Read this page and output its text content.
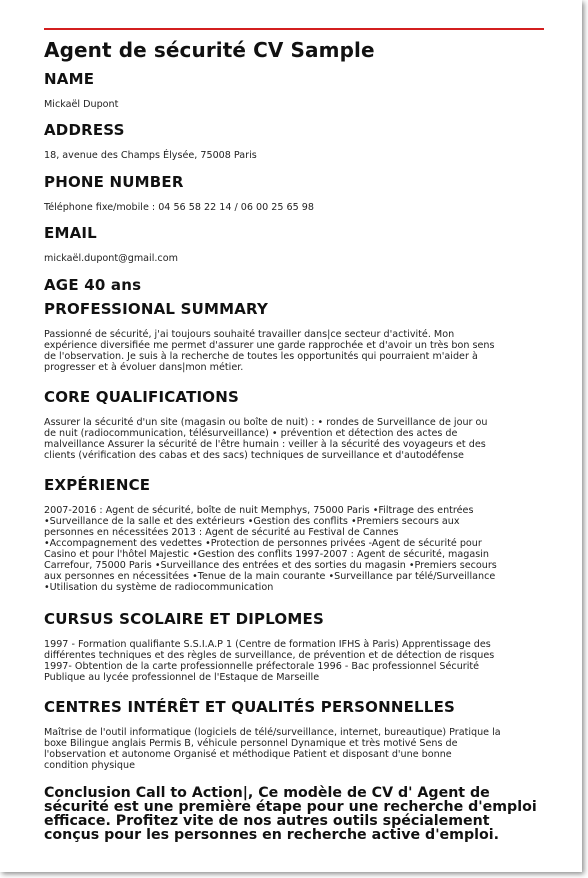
Agent de sécurité CV Sample
NAME

Mickaël Dupont

ADDRESS

18, avenue des Champs Élysée, 75008 Paris

PHONE NUMBER

Téléphone fixe/mobile : 04 56 58 22 14 / 06 00 25 65 98

EMAIL

mickaël.dupont@gmail.com

AGE 40 ans
PROFESSIONAL SUMMARY
Passionné de sécurité, j'ai toujours souhaité travailler dans|ce secteur d'activité. Mon
expérience diversifiée me permet d'assurer une garde rapprochée et d'avoir un très bon sens
de l'observation. Je suis à la recherche de toutes les opportunités qui pourraient m'aider à
progresser et à évoluer dans|mon métier.
CORE QUALIFICATIONS
Assurer la sécurité d'un site (magasin ou boîte de nuit) : • rondes de Surveillance de jour ou
de nuit (radiocommunication, télésurveillance) • prévention et détection des actes de
malveillance Assurer la sécurité de l'être humain : veiller à la sécurité des voyageurs et des
clients (vérification des cabas et des sacs) techniques de surveillance et d'autodéfense
EXPÉRIENCE
2007-2016 : Agent de sécurité, boîte de nuit Memphys, 75000 Paris •Filtrage des entrées
•Surveillance de la salle et des extérieurs •Gestion des conflits •Premiers secours aux
personnes en nécessitées 2013 : Agent de sécurité au Festival de Cannes
•Accompagnement des vedettes •Protection de personnes privées -Agent de sécurité pour
Casino et pour l'hôtel Majestic •Gestion des conflits 1997-2007 : Agent de sécurité, magasin
Carrefour, 75000 Paris •Surveillance des entrées et des sorties du magasin •Premiers secours
aux personnes en nécessitées •Tenue de la main courante •Surveillance par télé/Surveillance
•Utilisation du système de radiocommunication
CURSUS SCOLAIRE ET DIPLOMES
1997 - Formation qualifiante S.S.I.A.P 1 (Centre de formation IFHS à Paris) Apprentissage des
différentes techniques et des règles de surveillance, de prévention et de détection de risques
1997- Obtention de la carte professionnelle préfectorale 1996 - Bac professionnel Sécurité
Publique au lycée professionnel de l'Estaque de Marseille
CENTRES INTÉRÊT ET QUALITÉS PERSONNELLES
Maîtrise de l'outil informatique (logiciels de télé/surveillance, internet, bureautique) Pratique la
boxe Bilingue anglais Permis B, véhicule personnel Dynamique et très motivé Sens de
l'observation et autonome Organisé et méthodique Patient et disposant d'une bonne
condition physique
Conclusion Call to Action|, Ce modèle de CV d' Agent de
sécurité est une première étape pour une recherche d'emploi
efficace. Profitez vite de nos autres outils spécialement
conçus pour les personnes en recherche active d'emploi.
